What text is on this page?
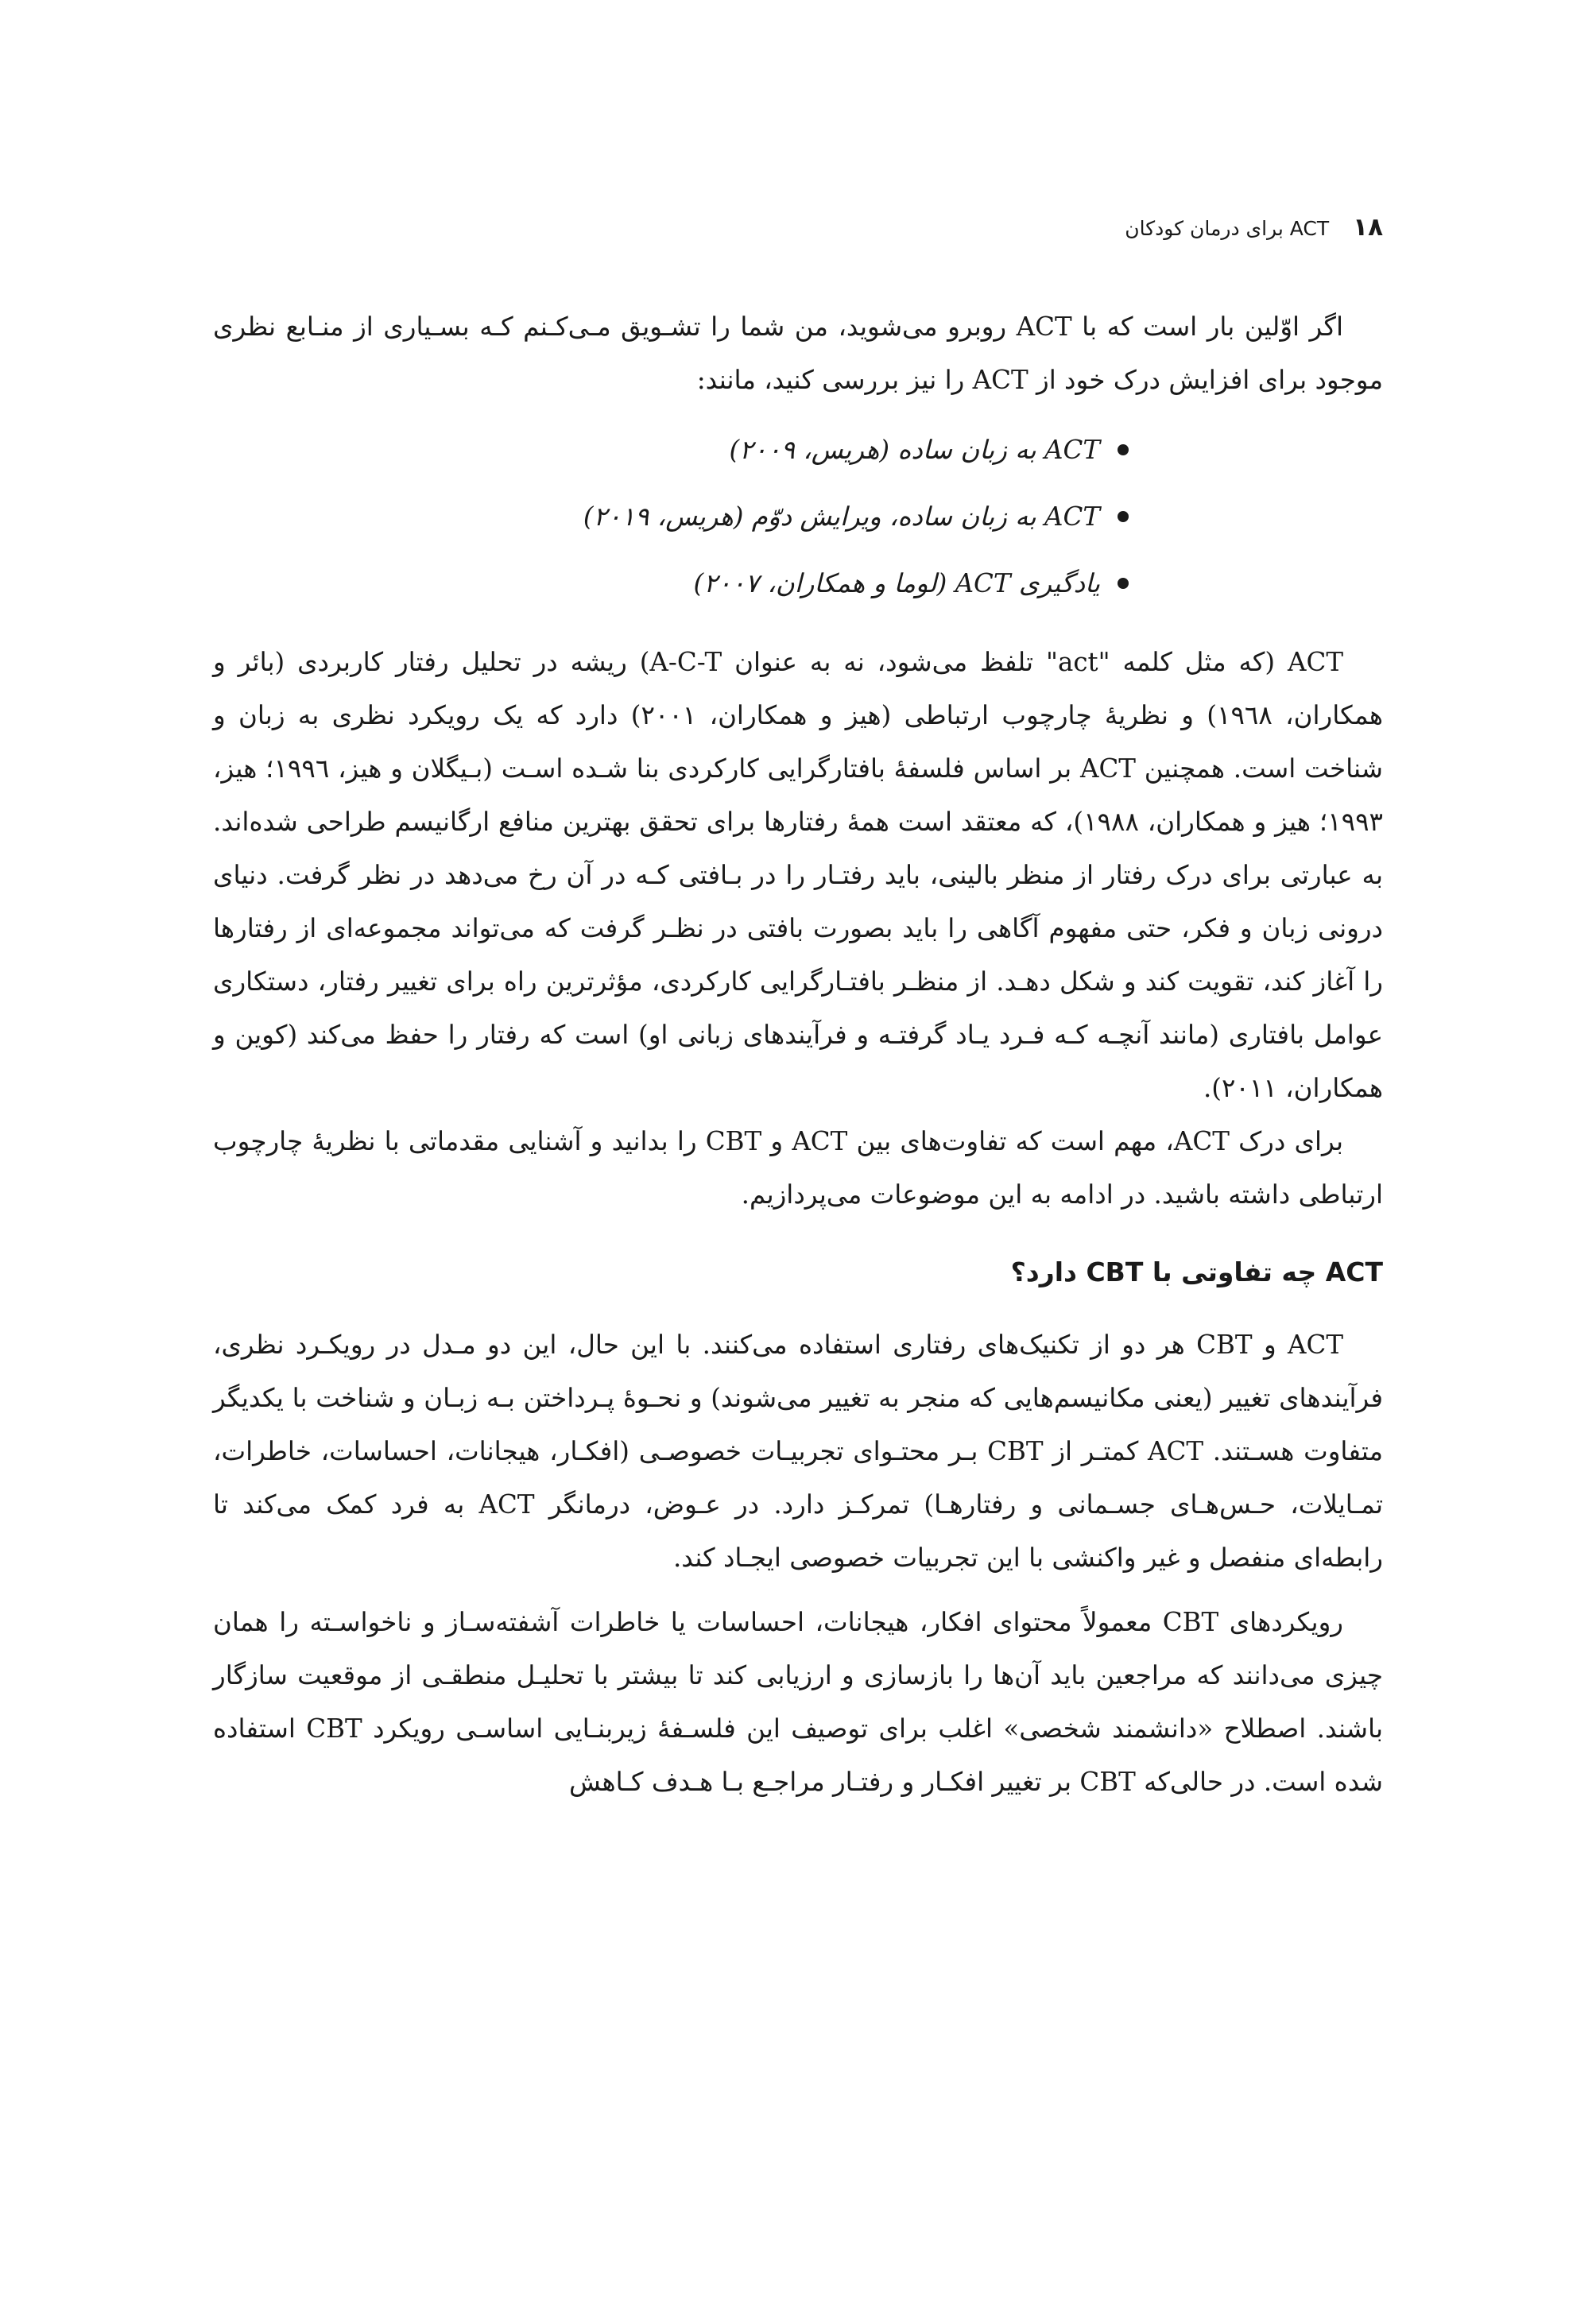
۱۸
ACT برای درمان کودکان

اگر اوّلین بار است که با ACT روبرو می‌شوید، من شما را تشـویق مـی‌کـنم کـه بسـیاری از منـابع نظری موجود برای افزایش درک خود از ACT را نیز بررسی کنید، مانند:

ACT به زبان ساده (هریس، ۲۰۰۹)
ACT به زبان ساده، ویرایش دوّم (هریس، ۲۰۱۹)
یادگیری ACT (لوما و همکاران، ۲۰۰۷)

ACT (که مثل کلمه "act" تلفظ می‌شود، نه به عنوان A-C-T) ریشه در تحلیل رفتار کاربردی (بائر و همکاران، ۱۹٦۸) و نظریهٔ چارچوب ارتباطی (هیز و همکاران، ۲۰۰۱) دارد که یک رویکرد نظری به زبان و شناخت است. همچنین ACT بر اساس فلسفهٔ بافتارگرایی کارکردی بنا شـده اسـت (بـیگلان و هیز، ۱۹۹٦؛ هیز، ۱۹۹۳؛ هیز و همکاران، ۱۹۸۸)، که معتقد است همهٔ رفتارها برای تحقق بهترین منافع ارگانیسم طراحی شده‌اند. به عبارتی برای درک رفتار از منظر بالینی، باید رفتـار را در بـافتی کـه در آن رخ می‌دهد در نظر گرفت. دنیای درونی زبان و فکر، حتی مفهوم آگاهی را باید بصورت بافتی در نظـر گرفت که می‌تواند مجموعه‌ای از رفتارها را آغاز کند، تقویت کند و شکل دهـد. از منظـر بافتـارگرایی کارکردی، مؤثرترین راه برای تغییر رفتار، دستکاری عوامل بافتاری (مانند آنچـه کـه فـرد یـاد گرفتـه و فرآیندهای زبانی او) است که رفتار را حفظ می‌کند (کوین و همکاران، ۲۰۱۱).

برای درک ACT، مهم است که تفاوت‌های بین ACT و CBT را بدانید و آشنایی مقدماتی با نظریهٔ چارچوب ارتباطی داشته باشید. در ادامه به این موضوعات می‌پردازیم.

ACT چه تفاوتی با CBT دارد؟

ACT و CBT هر دو از تکنیک‌های رفتاری استفاده می‌کنند. با این حال، این دو مـدل در رویکـرد نظری، فرآیندهای تغییر (یعنی مکانیسم‌هایی که منجر به تغییر می‌شوند) و نحـوهٔ پـرداختن بـه زبـان و شناخت با یکدیگر متفاوت هسـتند. ACT کمتـر از CBT بـر محتـوای تجربیـات خصوصـی (افکـار، هیجانات، احساسات، خاطرات، تمـایلات، حـس‌هـای جسـمانی و رفتارهـا) تمرکـز دارد. در عـوض، درمانگر ACT به فرد کمک می‌کند تا رابطه‌ای منفصل و غیر واکنشی با این تجربیات خصوصی ایجـاد کند.

رویکردهای CBT معمولاً محتوای افکار، هیجانات، احساسات یا خاطرات آشفته‌سـاز و ناخواسـته را همان چیزی می‌دانند که مراجعین باید آن‌ها را بازسازی و ارزیابی کند تا بیشتر با تحلیـل منطقـی از موقعیت سازگار باشند. اصطلاح «دانشمند شخصی» اغلب برای توصیف این فلسـفهٔ زیربنـایی اساسـی رویکرد CBT استفاده شده است. در حالی‌که CBT بر تغییر افکـار و رفتـار مراجـع بـا هـدف کـاهش
